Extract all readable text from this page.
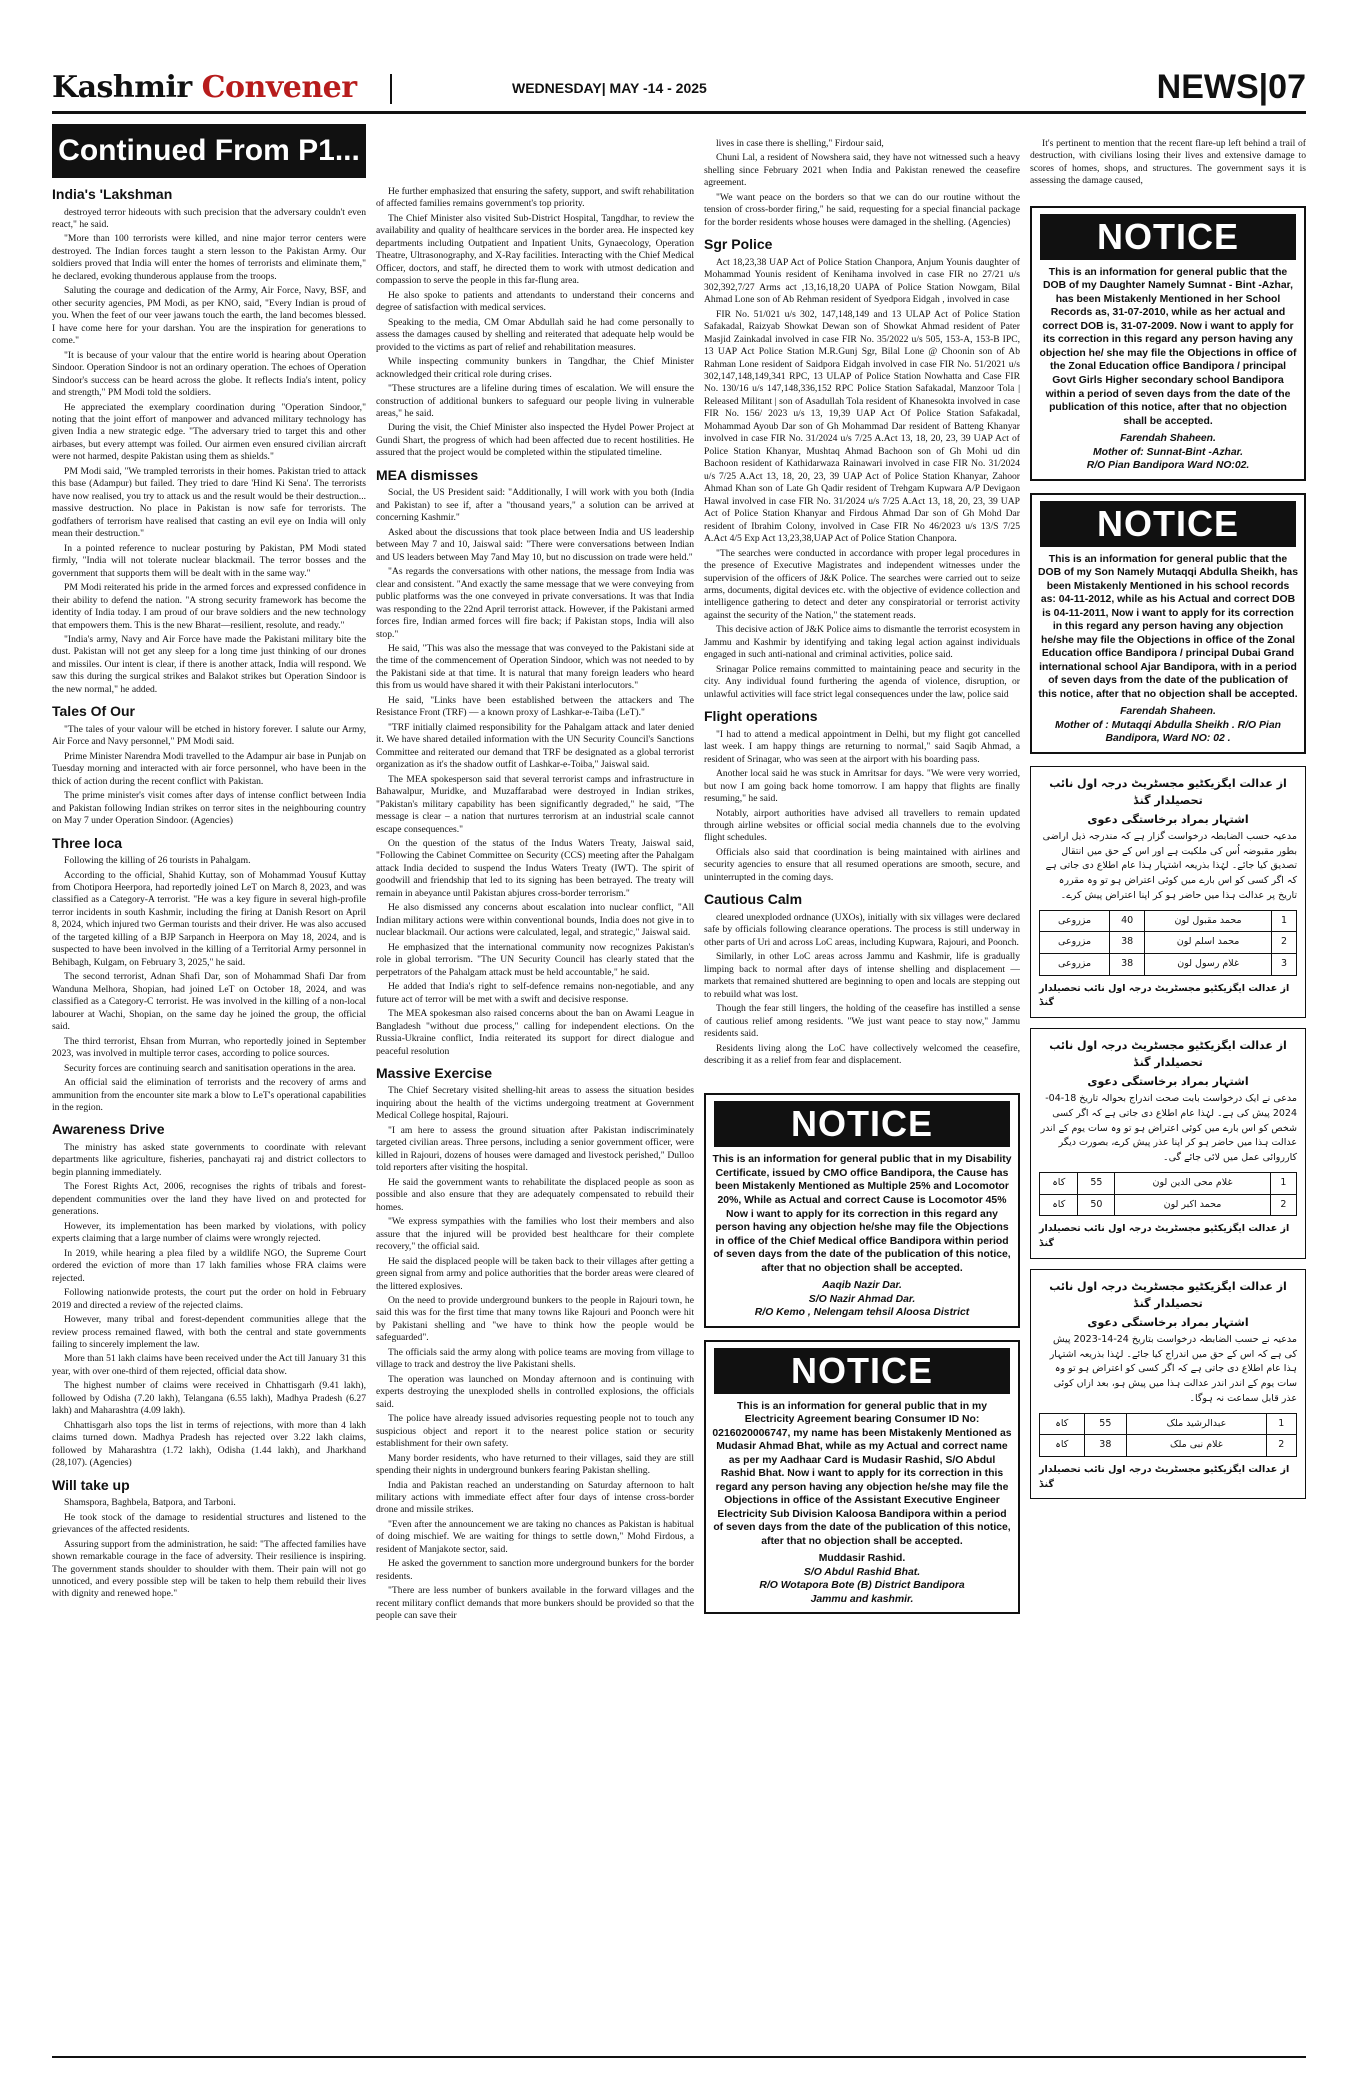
Kashmir Convener	WEDNESDAY| MAY -14 - 2025	NEWS|07
Continued From P1...
India's 'Lakshman

destroyed terror hideouts with such precision that the adversary couldn't even react," he said.

"More than 100 terrorists were killed, and nine major terror centers were destroyed. The Indian forces taught a stern lesson to the Pakistan Army. Our soldiers proved that India will enter the homes of terrorists and eliminate them," he declared, evoking thunderous applause from the troops.

Saluting the courage and dedication of the Army, Air Force, Navy, BSF, and other security agencies, PM Modi, as per KNO, said, "Every Indian is proud of you. When the feet of our veer jawans touch the earth, the land becomes blessed. I have come here for your darshan. You are the inspiration for generations to come."

"It is because of your valour that the entire world is hearing about Operation Sindoor. Operation Sindoor is not an ordinary operation. The echoes of Operation Sindoor's success can be heard across the globe. It reflects India's intent, policy and strength," PM Modi told the soldiers.

He appreciated the exemplary coordination during "Operation Sindoor," noting that the joint effort of manpower and advanced military technology has given India a new strategic edge. "The adversary tried to target this and other airbases, but every attempt was foiled. Our airmen even ensured civilian aircraft were not harmed, despite Pakistan using them as shields."

PM Modi said, "We trampled terrorists in their homes. Pakistan tried to attack this base (Adampur) but failed. They tried to dare 'Hind Ki Sena'. The terrorists have now realised, you try to attack us and the result would be their destruction... massive destruction. No place in Pakistan is now safe for terrorists. The godfathers of terrorism have realised that casting an evil eye on India will only mean their destruction."

In a pointed reference to nuclear posturing by Pakistan, PM Modi stated firmly, "India will not tolerate nuclear blackmail. The terror bosses and the government that supports them will be dealt with in the same way."

PM Modi reiterated his pride in the armed forces and expressed confidence in their ability to defend the nation. "A strong security framework has become the identity of India today. I am proud of our brave soldiers and the new technology that empowers them. This is the new Bharat—resilient, resolute, and ready."

"India's army, Navy and Air Force have made the Pakistani military bite the dust. Pakistan will not get any sleep for a long time just thinking of our drones and missiles. Our intent is clear, if there is another attack, India will respond. We saw this during the surgical strikes and Balakot strikes but Operation Sindoor is the new normal," he added.

Tales Of Our

"The tales of your valour will be etched in history forever. I salute our Army, Air Force and Navy personnel," PM Modi said.

Prime Minister Narendra Modi travelled to the Adampur air base in Punjab on Tuesday morning and interacted with air force personnel, who have been in the thick of action during the recent conflict with Pakistan.

The prime minister's visit comes after days of intense conflict between India and Pakistan following Indian strikes on terror sites in the neighbouring country on May 7 under Operation Sindoor. (Agencies)

Three loca

Following the killing of 26 tourists in Pahalgam.

According to the official, Shahid Kuttay, son of Mohammad Yousuf Kuttay from Chotipora Heerpora, had reportedly joined LeT on March 8, 2023, and was classified as a Category-A terrorist. "He was a key figure in several high-profile terror incidents in south Kashmir, including the firing at Danish Resort on April 8, 2024, which injured two German tourists and their driver. He was also accused of the targeted killing of a BJP Sarpanch in Heerpora on May 18, 2024, and is suspected to have been involved in the killing of a Territorial Army personnel in Behibagh, Kulgam, on February 3, 2025," he said.

The second terrorist, Adnan Shafi Dar, son of Mohammad Shafi Dar from Wanduna Melhora, Shopian, had joined LeT on October 18, 2024, and was classified as a Category-C terrorist. He was involved in the killing of a non-local labourer at Wachi, Shopian, on the same day he joined the group, the official said.

The third terrorist, Ehsan from Murran, who reportedly joined in September 2023, was involved in multiple terror cases, according to police sources.

Security forces are continuing search and sanitisation operations in the area.

An official said the elimination of terrorists and the recovery of arms and ammunition from the encounter site mark a blow to LeT's operational capabilities in the region.

Awareness Drive

The ministry has asked state governments to coordinate with relevant departments like agriculture, fisheries, panchayati raj and district collectors to begin planning immediately.

The Forest Rights Act, 2006, recognises the rights of tribals and forest-dependent communities over the land they have lived on and protected for generations.

However, its implementation has been marked by violations, with policy experts claiming that a large number of claims were wrongly rejected.

In 2019, while hearing a plea filed by a wildlife NGO, the Supreme Court ordered the eviction of more than 17 lakh families whose FRA claims were rejected.

Following nationwide protests, the court put the order on hold in February 2019 and directed a review of the rejected claims.

However, many tribal and forest-dependent communities allege that the review process remained flawed, with both the central and state governments failing to sincerely implement the law.

More than 51 lakh claims have been received under the Act till January 31 this year, with over one-third of them rejected, official data show.

The highest number of claims were received in Chhattisgarh (9.41 lakh), followed by Odisha (7.20 lakh), Telangana (6.55 lakh), Madhya Pradesh (6.27 lakh) and Maharashtra (4.09 lakh).

Chhattisgarh also tops the list in terms of rejections, with more than 4 lakh claims turned down. Madhya Pradesh has rejected over 3.22 lakh claims, followed by Maharashtra (1.72 lakh), Odisha (1.44 lakh), and Jharkhand (28,107). (Agencies)

Will take up

Shamspora, Baghbela, Batpora, and Tarboni.

He took stock of the damage to residential structures and listened to the grievances of the affected residents.

Assuring support from the administration, he said: "The affected families have shown remarkable courage in the face of adversity. Their resilience is inspiring. The government stands shoulder to shoulder with them. Their pain will not go unnoticed, and every possible step will be taken to help them rebuild their lives with dignity and renewed hope."

He further emphasized that ensuring the safety, support, and swift rehabilitation of affected families remains government's top priority.

The Chief Minister also visited Sub-District Hospital, Tangdhar, to review the availability and quality of healthcare services in the border area. He inspected key departments including Outpatient and Inpatient Units, Gynaecology, Operation Theatre, Ultrasonography, and X-Ray facilities. Interacting with the Chief Medical Officer, doctors, and staff, he directed them to work with utmost dedication and compassion to serve the people in this far-flung area.

He also spoke to patients and attendants to understand their concerns and degree of satisfaction with medical services.

Speaking to the media, CM Omar Abdullah said he had come personally to assess the damages caused by shelling and reiterated that adequate help would be provided to the victims as part of relief and rehabilitation measures.

While inspecting community bunkers in Tangdhar, the Chief Minister acknowledged their critical role during crises.

"These structures are a lifeline during times of escalation. We will ensure the construction of additional bunkers to safeguard our people living in vulnerable areas," he said.

During the visit, the Chief Minister also inspected the Hydel Power Project at Gundi Shart, the progress of which had been affected due to recent hostilities. He assured that the project would be completed within the stipulated timeline.

MEA dismisses

Social, the US President said: "Additionally, I will work with you both (India and Pakistan) to see if, after a "thousand years," a solution can be arrived at concerning Kashmir."

Asked about the discussions that took place between India and US leadership between May 7 and 10, Jaiswal said: "There were conversations between Indian and US leaders between May 7and May 10, but no discussion on trade were held."

"As regards the conversations with other nations, the message from India was clear and consistent. "And exactly the same message that we were conveying from public platforms was the one conveyed in private conversations. It was that India was responding to the 22nd April terrorist attack. However, if the Pakistani armed forces fire, Indian armed forces will fire back; if Pakistan stops, India will also stop."

He said, "This was also the message that was conveyed to the Pakistani side at the time of the commencement of Operation Sindoor, which was not needed to by the Pakistani side at that time. It is natural that many foreign leaders who heard this from us would have shared it with their Pakistani interlocutors."

He said, "Links have been established between the attackers and The Resistance Front (TRF) — a known proxy of Lashkar-e-Taiba (LeT)."

"TRF initially claimed responsibility for the Pahalgam attack and later denied it. We have shared detailed information with the UN Security Council's Sanctions Committee and reiterated our demand that TRF be designated as a global terrorist organization as it's the shadow outfit of Lashkar-e-Toiba," Jaiswal said.

The MEA spokesperson said that several terrorist camps and infrastructure in Bahawalpur, Muridke, and Muzaffarabad were destroyed in Indian strikes, "Pakistan's military capability has been significantly degraded," he said, "The message is clear – a nation that nurtures terrorism at an industrial scale cannot escape consequences."

On the question of the status of the Indus Waters Treaty, Jaiswal said, "Following the Cabinet Committee on Security (CCS) meeting after the Pahalgam attack India decided to suspend the Indus Waters Treaty (IWT). The spirit of goodwill and friendship that led to its signing has been betrayed. The treaty will remain in abeyance until Pakistan abjures cross-border terrorism."

He also dismissed any concerns about escalation into nuclear conflict, "All Indian military actions were within conventional bounds, India does not give in to nuclear blackmail. Our actions were calculated, legal, and strategic," Jaiswal said.

He emphasized that the international community now recognizes Pakistan's role in global terrorism. "The UN Security Council has clearly stated that the perpetrators of the Pahalgam attack must be held accountable," he said.

He added that India's right to self-defence remains non-negotiable, and any future act of terror will be met with a swift and decisive response.

The MEA spokesman also raised concerns about the ban on Awami League in Bangladesh "without due process," calling for independent elections. On the Russia-Ukraine conflict, India reiterated its support for direct dialogue and peaceful resolution

Massive Exercise

The Chief Secretary visited shelling-hit areas to assess the situation besides inquiring about the health of the victims undergoing treatment at Government Medical College hospital, Rajouri.

"I am here to assess the ground situation after Pakistan indiscriminately targeted civilian areas. Three persons, including a senior government officer, were killed in Rajouri, dozens of houses were damaged and livestock perished," Dulloo told reporters after visiting the hospital.

He said the government wants to rehabilitate the displaced people as soon as possible and also ensure that they are adequately compensated to rebuild their homes.

"We express sympathies with the families who lost their members and also assure that the injured will be provided best healthcare for their complete recovery," the official said.

He said the displaced people will be taken back to their villages after getting a green signal from army and police authorities that the border areas were cleared of the littered explosives.

On the need to provide underground bunkers to the people in Rajouri town, he said this was for the first time that many towns like Rajouri and Poonch were hit by Pakistani shelling and "we have to think how the people would be safeguarded".

The officials said the army along with police teams are moving from village to village to track and destroy the live Pakistani shells.

The operation was launched on Monday afternoon and is continuing with experts destroying the unexploded shells in controlled explosions, the officials said.

The police have already issued advisories requesting people not to touch any suspicious object and report it to the nearest police station or security establishment for their own safety.

Many border residents, who have returned to their villages, said they are still spending their nights in underground bunkers fearing Pakistan shelling.

India and Pakistan reached an understanding on Saturday afternoon to halt military actions with immediate effect after four days of intense cross-border drone and missile strikes.

"Even after the announcement we are taking no chances as Pakistan is habitual of doing mischief. We are waiting for things to settle down," Mohd Firdous, a resident of Manjakote sector, said.

He asked the government to sanction more underground bunkers for the border residents.

"There are less number of bunkers available in the forward villages and the recent military conflict demands that more bunkers should be provided so that the people can save their

lives in case there is shelling," Firdour said,

Chuni Lal, a resident of Nowshera said, they have not witnessed such a heavy shelling since February 2021 when India and Pakistan renewed the ceasefire agreement.

"We want peace on the borders so that we can do our routine without the tension of cross-border firing," he said, requesting for a special financial package for the border residents whose houses were damaged in the shelling. (Agencies)

Sgr Police

Act 18,23,38 UAP Act of Police Station Chanpora, Anjum Younis daughter of Mohammad Younis resident of Kenihama involved in case FIR no 27/21 u/s 302,392,7/27 Arms act ,13,16,18,20 UAPA of Police Station Nowgam, Bilal Ahmad Lone son of Ab Rehman resident of Syedpora Eidgah , involved in case

FIR No. 51/021 u/s 302, 147,148,149 and 13 ULAP Act of Police Station Safakadal, Raizyab Showkat Dewan son of Showkat Ahmad resident of Pater Masjid Zainkadal involved in case FIR No. 35/2022 u/s 505, 153-A, 153-B IPC, 13 UAP Act Police Station M.R.Gunj Sgr, Bilal Lone @ Choonin son of Ab Rahman Lone resident of Saidpora Eidgah involved in case FIR No. 51/2021 u/s 302,147,148,149,341 RPC, 13 ULAP of Police Station Nowhatta and Case FIR No. 130/16 u/s 147,148,336,152 RPC Police Station Safakadal, Manzoor Tola | Released Militant | son of Asadullah Tola resident of Khanesokta involved in case FIR No. 156/ 2023 u/s 13, 19,39 UAP Act Of Police Station Safakadal, Mohammad Ayoub Dar son of Gh Mohammad Dar resident of Batteng Khanyar involved in case FIR No. 31/2024 u/s 7/25 A.Act 13, 18, 20, 23, 39 UAP Act of Police Station Khanyar, Mushtaq Ahmad Bachoon son of Gh Mohi ud din Bachoon resident of Kathidarwaza Rainawari involved in case FIR No. 31/2024 u/s 7/25 A.Act 13, 18, 20, 23, 39 UAP Act of Police Station Khanyar, Zahoor Ahmad Khan son of Late Gh Qadir resident of Trehgam Kupwara A/P Devigaon Hawal involved in case FIR No. 31/2024 u/s 7/25 A.Act 13, 18, 20, 23, 39 UAP Act of Police Station Khanyar and Firdous Ahmad Dar son of Gh Mohd Dar resident of Ibrahim Colony, involved in Case FIR No 46/2023 u/s 13/S 7/25 A.Act 4/5 Exp Act 13,23,38,UAP Act of Police Station Chanpora.

"The searches were conducted in accordance with proper legal procedures in the presence of Executive Magistrates and independent witnesses under the supervision of the officers of J&K Police. The searches were carried out to seize arms, documents, digital devices etc. with the objective of evidence collection and intelligence gathering to detect and deter any conspiratorial or terrorist activity against the security of the Nation," the statement reads.

This decisive action of J&K Police aims to dismantle the terrorist ecosystem in Jammu and Kashmir by identifying and taking legal action against individuals engaged in such anti-national and criminal activities, police said.

Srinagar Police remains committed to maintaining peace and security in the city. Any individual found furthering the agenda of violence, disruption, or unlawful activities will face strict legal consequences under the law, police said

Flight operations

"I had to attend a medical appointment in Delhi, but my flight got cancelled last week. I am happy things are returning to normal," said Saqib Ahmad, a resident of Srinagar, who was seen at the airport with his boarding pass.

Another local said he was stuck in Amritsar for days. "We were very worried, but now I am going back home tomorrow. I am happy that flights are finally resuming," he said.

Notably, airport authorities have advised all travellers to remain updated through airline websites or official social media channels due to the evolving flight schedules.

Officials also said that coordination is being maintained with airlines and security agencies to ensure that all resumed operations are smooth, secure, and uninterrupted in the coming days.

Cautious Calm

cleared unexploded ordnance (UXOs), initially with six villages were declared safe by officials following clearance operations. The process is still underway in other parts of Uri and across LoC areas, including Kupwara, Rajouri, and Poonch.

Similarly, in other LoC areas across Jammu and Kashmir, life is gradually limping back to normal after days of intense shelling and displacement — markets that remained shuttered are beginning to open and locals are stepping out to rebuild what was lost.

Though the fear still lingers, the holding of the ceasefire has instilled a sense of cautious relief among residents. "We just want peace to stay now," Jammu residents said.

Residents living along the LoC have collectively welcomed the ceasefire, describing it as a relief from fear and displacement.

NOTICE
This is an information for general public that in my Disability Certificate, issued by CMO office Bandipora, the Cause has been Mistakenly Mentioned as Multiple 25% and Locomotor 20%, While as Actual and correct Cause is Locomotor 45% Now i want to apply for its correction in this regard any person having any objection he/she may file the Objections in office of the Chief Medical office Bandipora within period of seven days from the date of the publication of this notice, after that no objection shall be accepted.
Aaqib Nazir Dar.
S/O Nazir Ahmad Dar.
R/O Kemo , Nelengam tehsil Aloosa District
NOTICE
This is an information for general public that in my Electricity Agreement bearing Consumer ID No: 0216020006747, my name has been Mistakenly Mentioned as Mudasir Ahmad Bhat, while as my Actual and correct name as per my Aadhaar Card is Mudasir Rashid, S/O Abdul Rashid Bhat. Now i want to apply for its correction in this regard any person having any objection he/she may file the Objections in office of the Assistant Executive Engineer Electricity Sub Division Kaloosa Bandipora within a period of seven days from the date of the publication of this notice, after that no objection shall be accepted.
Muddasir Rashid.
S/O Abdul Rashid Bhat.
R/O Wotapora Bote (B) District Bandipora
Jammu and kashmir.

It's pertinent to mention that the recent flare-up left behind a trail of destruction, with civilians losing their lives and extensive damage to scores of homes, shops, and structures. The government says it is assessing the damage caused,

NOTICE
This is an information for general public that the DOB of my Daughter Namely Sumnat - Bint -Azhar, has been Mistakenly Mentioned in her School Records as, 31-07-2010, while as her actual and correct DOB is, 31-07-2009. Now i want to apply for its correction in this regard any person having any objection he/ she may file the Objections in office of the Zonal Education office Bandipora / principal Govt Girls Higher secondary school Bandipora within a period of seven days from the date of the publication of this notice, after that no objection shall be accepted.
Farendah Shaheen.
Mother of: Sunnat-Bint -Azhar.
R/O Pian Bandipora Ward NO:02.
NOTICE
This is an information for general public that the DOB of my Son Namely Mutaqqi Abdulla Sheikh, has been Mistakenly Mentioned in his school records as: 04-11-2012, while as his Actual and correct DOB is 04-11-2011, Now i want to apply for its correction in this regard any person having any objection he/she may file the Objections in office of the Zonal Education office Bandipora / principal Dubai Grand international school Ajar Bandipora, with in a period of seven days from the date of the publication of this notice, after that no objection shall be accepted.
Farendah Shaheen.
Mother of : Mutaqqi Abdulla Sheikh . R/O Pian
Bandipora, Ward NO: 02 .
از عدالت ایگزیکٹیو مجسٹریٹ درجہ اول نائب تحصیلدار گنڈ
اشتہار بمراد برخاستگی دعوی
مدعیہ حسب الضابطہ درخواست گزار ہے کہ مندرجہ ذیل اراضی بطور مقبوضہ اُس کی ملکیت ہے اور اس کے حق میں انتقال تصدیق کیا جائے۔ لہٰذا بذریعہ اشتہار ہذا عام اطلاع دی جاتی ہے کہ اگر کسی کو اس بارے میں کوئی اعتراض ہو تو وہ مقررہ تاریخ پر عدالت ہذا میں حاضر ہو کر اپنا اعتراض پیش کرے۔
1	محمد مقبول لون	40	مزروعی
2	محمد اسلم لون	38	مزروعی
3	غلام رسول لون	38	مزروعی
از عدالت ایگزیکٹیو مجسٹریٹ درجہ اول نائب تحصیلدار گنڈ
از عدالت ایگزیکٹیو مجسٹریٹ درجہ اول نائب تحصیلدار گنڈ
اشتہار بمراد برخاستگی دعوی
مدعی نے ایک درخواست بابت صحت اندراج بحوالہ تاریخ 18-04-2024 پیش کی ہے۔ لہٰذا عام اطلاع دی جاتی ہے کہ اگر کسی شخص کو اس بارے میں کوئی اعتراض ہو تو وہ سات یوم کے اندر عدالت ہذا میں حاضر ہو کر اپنا عذر پیش کرے، بصورت دیگر کارروائی عمل میں لائی جائے گی۔
1	غلام محی الدین لون	55	کاہ
2	محمد اکبر لون	50	کاہ
از عدالت ایگزیکٹیو مجسٹریٹ درجہ اول نائب تحصیلدار گنڈ
از عدالت ایگزیکٹیو مجسٹریٹ درجہ اول نائب تحصیلدار گنڈ
اشتہار بمراد برخاستگی دعوی
مدعیہ نے حسب الضابطہ درخواست بتاریخ 24-14-2023 پیش کی ہے کہ اس کے حق میں اندراج کیا جائے۔ لہٰذا بذریعہ اشتہار ہذا عام اطلاع دی جاتی ہے کہ اگر کسی کو اعتراض ہو تو وہ سات یوم کے اندر اندر عدالت ہذا میں پیش ہو، بعد ازاں کوئی عذر قابل سماعت نہ ہوگا۔
1	عبدالرشید ملک	55	کاہ
2	غلام نبی ملک	38	کاہ
از عدالت ایگزیکٹیو مجسٹریٹ درجہ اول نائب تحصیلدار گنڈ
